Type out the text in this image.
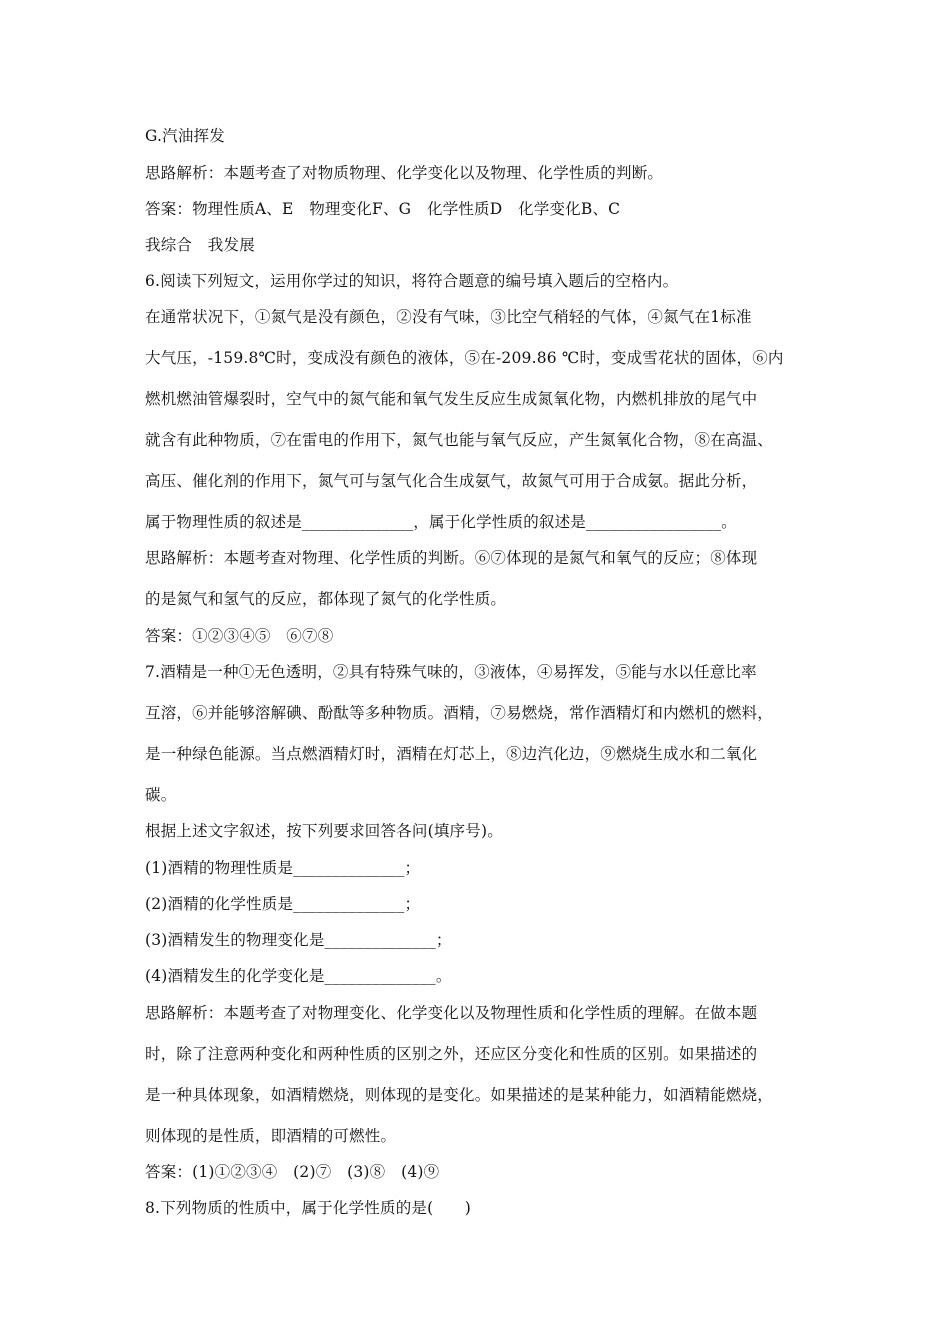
G.汽油挥发
思路解析：本题考查了对物质物理、化学变化以及物理、化学性质的判断。
答案：物理性质A、E　物理变化F、G　化学性质D　化学变化B、C
我综合　我发展
6.阅读下列短文，运用你学过的知识，将符合题意的编号填入题后的空格内。
在通常状况下，①氮气是没有颜色，②没有气味，③比空气稍轻的气体，④氮气在1标准
大气压，-159.8℃时，变成没有颜色的液体，⑤在-209.86 ℃时，变成雪花状的固体，⑥内
燃机燃油管爆裂时，空气中的氮气能和氧气发生反应生成氮氧化物，内燃机排放的尾气中
就含有此种物质，⑦在雷电的作用下，氮气也能与氧气反应，产生氮氧化合物，⑧在高温、
高压、催化剂的作用下，氮气可与氢气化合生成氨气，故氮气可用于合成氨。据此分析，
属于物理性质的叙述是______________，属于化学性质的叙述是_________________。
思路解析：本题考查对物理、化学性质的判断。⑥⑦体现的是氮气和氧气的反应；⑧体现
的是氮气和氢气的反应，都体现了氮气的化学性质。
答案：①②③④⑤　⑥⑦⑧
7.酒精是一种①无色透明，②具有特殊气味的，③液体，④易挥发，⑤能与水以任意比率
互溶，⑥并能够溶解碘、酚酞等多种物质。酒精，⑦易燃烧，常作酒精灯和内燃机的燃料，
是一种绿色能源。当点燃酒精灯时，酒精在灯芯上，⑧边汽化边，⑨燃烧生成水和二氧化
碳。
根据上述文字叙述，按下列要求回答各问(填序号)。
(1)酒精的物理性质是______________；
(2)酒精的化学性质是______________；
(3)酒精发生的物理变化是______________；
(4)酒精发生的化学变化是______________。
思路解析：本题考查了对物理变化、化学变化以及物理性质和化学性质的理解。在做本题
时，除了注意两种变化和两种性质的区别之外，还应区分变化和性质的区别。如果描述的
是一种具体现象，如酒精燃烧，则体现的是变化。如果描述的是某种能力，如酒精能燃烧，
则体现的是性质，即酒精的可燃性。
答案：(1)①②③④　(2)⑦　(3)⑧　(4)⑨
8.下列物质的性质中，属于化学性质的是(　　)
